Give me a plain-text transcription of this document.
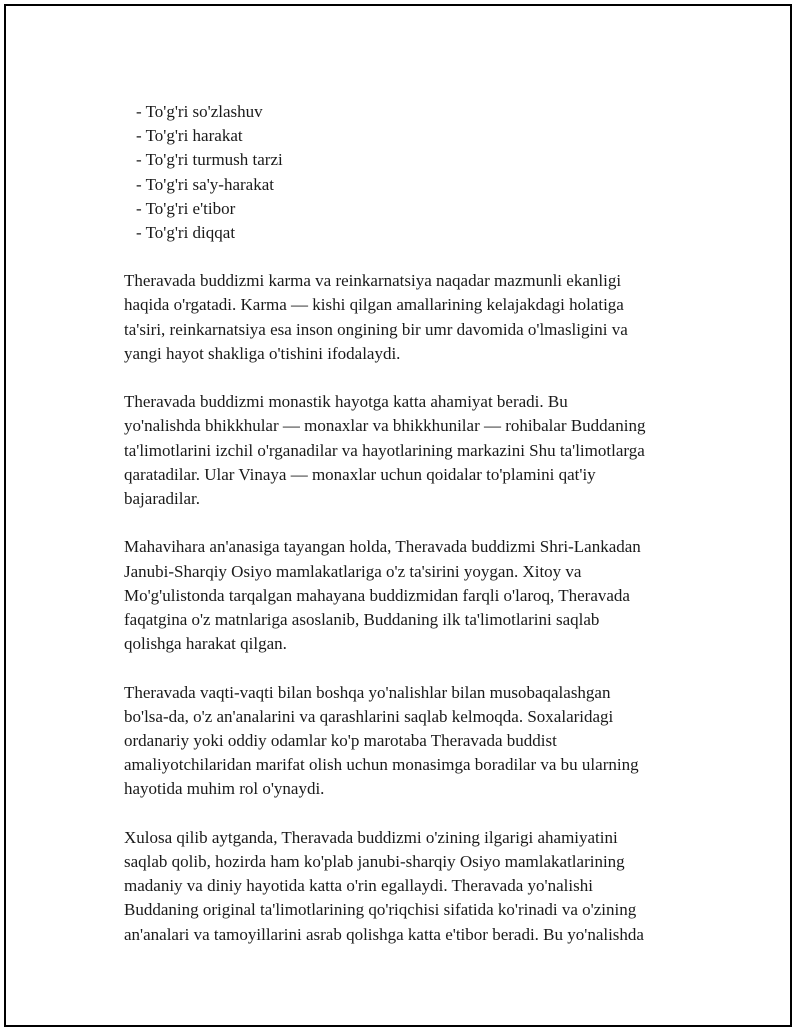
- To'g'ri so'zlashuv
- To'g'ri harakat
- To'g'ri turmush tarzi
- To'g'ri sa'y-harakat
- To'g'ri e'tibor
- To'g'ri diqqat

Theravada buddizmi karma va reinkarnatsiya naqadar mazmunli ekanligi
haqida o'rgatadi. Karma — kishi qilgan amallarining kelajakdagi holatiga
ta'siri, reinkarnatsiya esa inson ongining bir umr davomida o'lmasligini va
yangi hayot shakliga o'tishini ifodalaydi.

Theravada buddizmi monastik hayotga katta ahamiyat beradi. Bu
yo'nalishda bhikkhular — monaxlar va bhikkhunilar — rohibalar Buddaning
ta'limotlarini izchil o'rganadilar va hayotlarining markazini Shu ta'limotlarga
qaratadilar. Ular Vinaya — monaxlar uchun qoidalar to'plamini qat'iy
bajaradilar.

Mahavihara an'anasiga tayangan holda, Theravada buddizmi Shri-Lankadan
Janubi-Sharqiy Osiyo mamlakatlariga o'z ta'sirini yoygan. Xitoy va
Mo'g'ulistonda tarqalgan mahayana buddizmidan farqli o'laroq, Theravada
faqatgina o'z matnlariga asoslanib, Buddaning ilk ta'limotlarini saqlab
qolishga harakat qilgan.

Theravada vaqti-vaqti bilan boshqa yo'nalishlar bilan musobaqalashgan
bo'lsa-da, o'z an'analarini va qarashlarini saqlab kelmoqda. Soxalaridagi
ordanariy yoki oddiy odamlar ko'p marotaba Theravada buddist
amaliyotchilaridan marifat olish uchun monasimga boradilar va bu ularning
hayotida muhim rol o'ynaydi.

Xulosa qilib aytganda, Theravada buddizmi o'zining ilgarigi ahamiyatini
saqlab qolib, hozirda ham ko'plab janubi-sharqiy Osiyo mamlakatlarining
madaniy va diniy hayotida katta o'rin egallaydi. Theravada yo'nalishi
Buddaning original ta'limotlarining qo'riqchisi sifatida ko'rinadi va o'zining
an'analari va tamoyillarini asrab qolishga katta e'tibor beradi. Bu yo'nalishda
